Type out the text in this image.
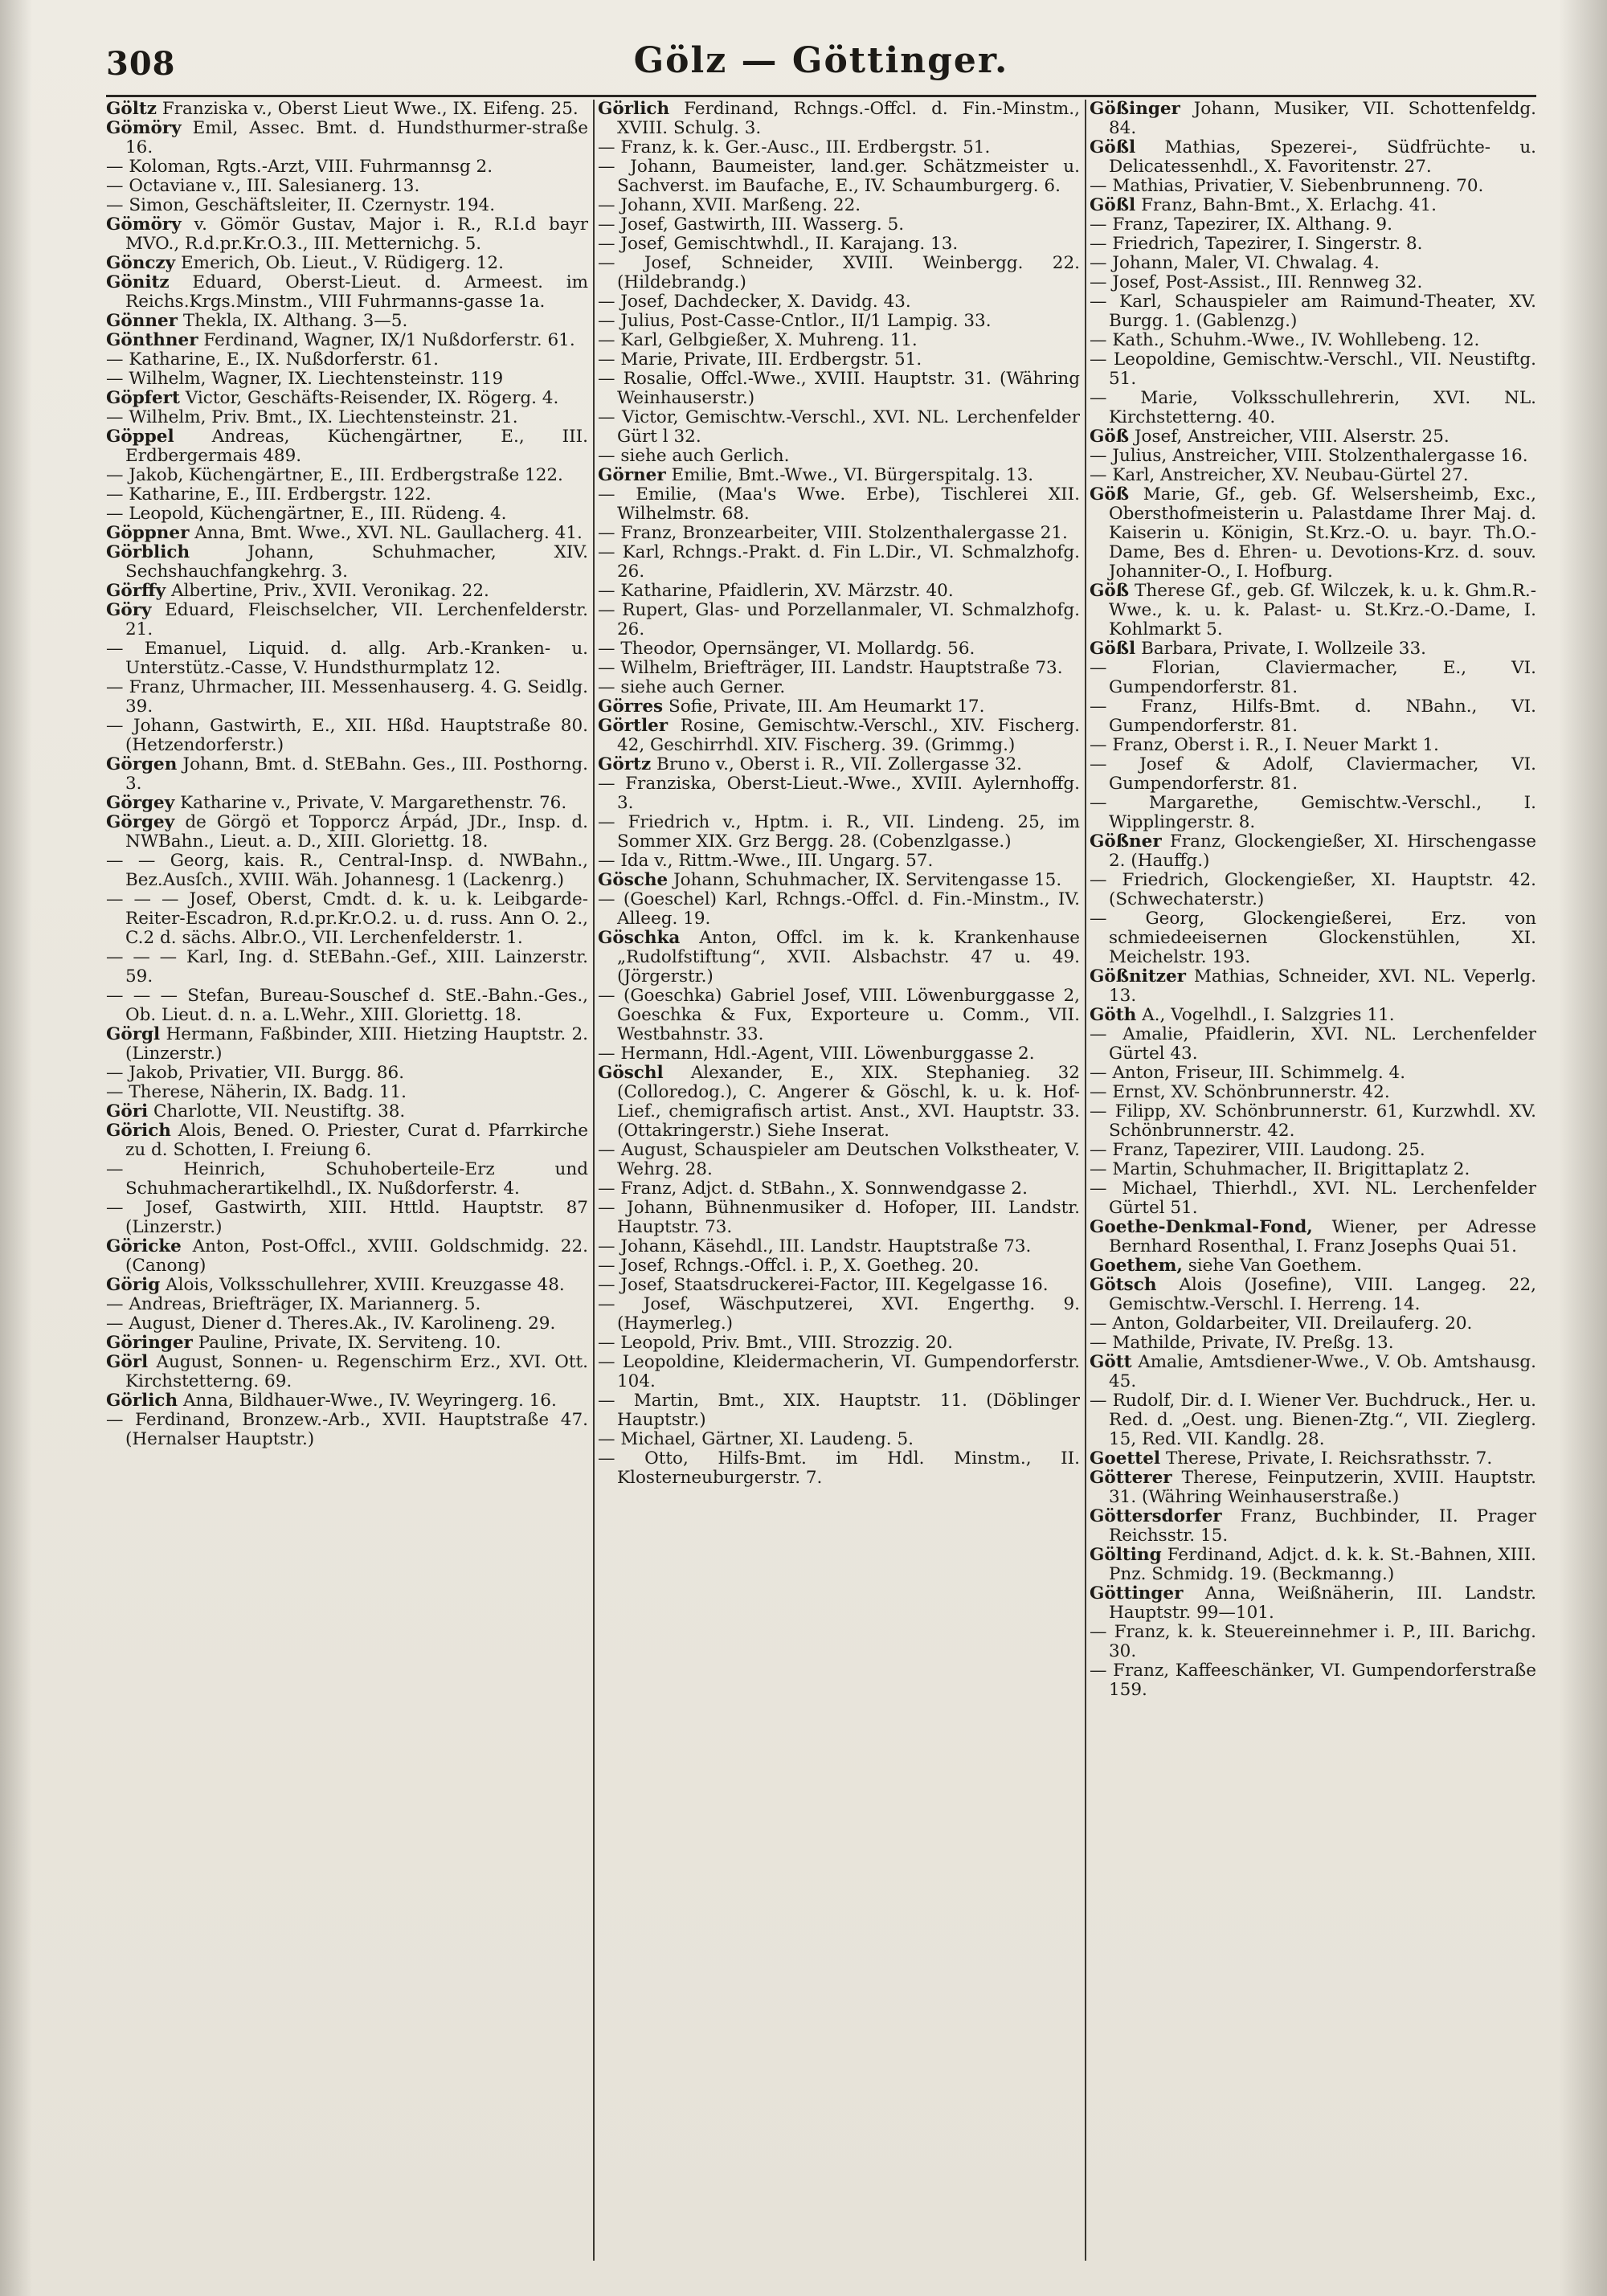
308	Gölz — Göttinger.

Göltz Franziska v., Oberst Lieut Wwe., IX. Eifeng. 25.

Gömöry Emil, Assec. Bmt. d. Hundsthurmer-straße 16.

— Koloman, Rgts.-Arzt, VIII. Fuhrmannsg 2.

— Octaviane v., III. Salesianerg. 13.

— Simon, Geschäftsleiter, II. Czernystr. 194.

Gömöry v. Gömör Gustav, Major i. R., R.I.d bayr MVO., R.d.pr.Kr.O.3., III. Metternichg. 5.

Gönczy Emerich, Ob. Lieut., V. Rüdigerg. 12.

Gönitz Eduard, Oberst-Lieut. d. Armeest. im Reichs.Krgs.Minstm., VIII Fuhrmanns-gasse 1a.

Gönner Thekla, IX. Althang. 3—5.

Gönthner Ferdinand, Wagner, IX/1 Nußdorferstr. 61.

— Katharine, E., IX. Nußdorferstr. 61.

— Wilhelm, Wagner, IX. Liechtensteinstr. 119

Göpfert Victor, Geschäfts-Reisender, IX. Rögerg. 4.

— Wilhelm, Priv. Bmt., IX. Liechtensteinstr. 21.

Göppel Andreas, Küchengärtner, E., III. Erdbergermais 489.

— Jakob, Küchengärtner, E., III. Erdbergstraße 122.

— Katharine, E., III. Erdbergstr. 122.

— Leopold, Küchengärtner, E., III. Rüdeng. 4.

Göppner Anna, Bmt. Wwe., XVI. NL. Gaullacherg. 41.

Görblich	Johann, Schuhmacher, XIV. Sechshauchfangkehrg. 3.

Görffy Albertine, Priv., XVII. Veronikag. 22.

Göry Eduard, Fleischselcher, VII. Lerchenfelderstr. 21.

— Emanuel, Liquid. d. allg. Arb.-Kranken- u. Unterstütz.-Casse, V. Hundsthurmplatz 12.

— Franz, Uhrmacher, III. Messenhauserg. 4. G. Seidlg. 39.

— Johann, Gastwirth, E., XII. Hßd. Hauptstraße 80. (Hetzendorferstr.)

Görgen Johann, Bmt. d. StEBahn. Ges., III. Posthorng. 3.

Görgey Katharine v., Private, V. Margarethenstr. 76.

Görgey de Görgö et Topporcz Árpád, JDr., Insp. d. NWBahn., Lieut. a. D., XIII. Gloriettg. 18.

— — Georg, kais. R., Central-Insp. d. NWBahn., Bez.Ausſch., XVIII. Wäh. Johannesg. 1 (Lackenrg.)

— — — Josef, Oberst, Cmdt. d. k. u. k. Leibgarde-Reiter-Escadron, R.d.pr.Kr.O.2. u. d. russ. Ann O. 2., C.2 d. sächs. Albr.O., VII. Lerchenfelderstr. 1.

— — — Karl, Ing. d. StEBahn.-Gef., XIII. Lainzerstr. 59.

— — — Stefan, Bureau-Souschef d. StE.-Bahn.-Ges., Ob. Lieut. d. n. a. L.Wehr., XIII. Gloriettg. 18.

Görgl Hermann, Faßbinder, XIII. Hietzing Hauptstr. 2. (Linzerstr.)

— Jakob, Privatier, VII. Burgg. 86.

— Therese, Näherin, IX. Badg. 11.

Göri Charlotte, VII. Neustiftg. 38.

Görich Alois, Bened. O. Priester, Curat d. Pfarrkirche zu d. Schotten, I. Freiung 6.

— Heinrich, Schuhoberteile-Erz und Schuhmacherartikelhdl., IX. Nußdorferstr. 4.

— Josef, Gastwirth, XIII. Httld. Hauptstr. 87 (Linzerstr.)

Göricke Anton, Post-Offcl., XVIII. Goldschmidg. 22. (Canong)

Görig Alois, Volksschullehrer, XVIII. Kreuzgasse 48.

— Andreas, Briefträger, IX. Mariannerg. 5.

— August, Diener d. Theres.Ak., IV. Karolineng. 29.

Göringer Pauline, Private, IX. Servitenɡ. 10.

Görl August, Sonnen- u. Regenschirm Erz., XVI. Ott. Kirchstetterng. 69.

Görlich Anna, Bildhauer-Wwe., IV. Weyringerg. 16.

— Ferdinand, Bronzew.-Arb., XVII. Hauptstraße 47. (Hernalser Hauptstr.)

Görlich Ferdinand, Rchngs.-Offcl. d. Fin.-Minstm., XVIII. Schulg. 3.

— Franz, k. k. Ger.-Ausc., III. Erdbergstr. 51.

— Johann, Baumeister, land.ger. Schätzmeister u. Sachverst. im Baufache, E., IV. Schaumburgerg. 6.

— Johann, XVII. Marßeng. 22.

— Josef, Gastwirth, III. Wasserg. 5.

— Josef, Gemischtwhdl., II. Karajang. 13.

— Josef, Schneider, XVIII. Weinbergg. 22. (Hildebrandg.)

— Josef, Dachdecker, X. Davidg. 43.

— Julius, Post-Casse-Cntlor., II/1 Lampig. 33.

— Karl, Gelbgießer, X. Muhreng. 11.

— Marie, Private, III. Erdbergstr. 51.

— Rosalie, Offcl.-Wwe., XVIII. Hauptstr. 31. (Währing Weinhauserstr.)

— Victor, Gemischtw.-Verschl., XVI. NL. Lerchenfelder Gürt l 32.

— siehe auch Gerlich.

Görner Emilie, Bmt.-Wwe., VI. Bürgerspitalg. 13.

— Emilie, (Maa's Wwe. Erbe), Tischlerei XII. Wilhelmstr. 68.

— Franz, Bronzearbeiter, VIII. Stolzenthalergasse 21.

— Karl, Rchngs.-Prakt. d. Fin L.Dir., VI. Schmalzhofg. 26.

— Katharine, Pfaidlerin, XV. Märzstr. 40.

— Rupert, Glas- und Porzellanmaler, VI. Schmalzhofg. 26.

— Theodor, Opernsänger, VI. Mollardg. 56.

— Wilhelm, Briefträger, III. Landstr. Hauptstraße 73.

— siehe auch Gerner.

Görres Sofie, Private, III. Am Heumarkt 17.

Görtler Rosine, Gemischtw.-Verschl., XIV. Fischerg. 42, Geschirrhdl. XIV. Fischerg. 39. (Grimmg.)

Görtz Bruno v., Oberst i. R., VII. Zollergasse 32.

— Franziska, Oberst-Lieut.-Wwe., XVIII. Aylernhoffg. 3.

— Friedrich v., Hptm. i. R., VII. Lindeng. 25, im Sommer XIX. Grz Bergg. 28. (Cobenzlgasse.)

— Ida v., Rittm.-Wwe., III. Ungarg. 57.

Gösche Johann, Schuhmacher, IX. Servitengasse 15.

— (Goeschel) Karl, Rchngs.-Offcl. d. Fin.-Minstm., IV. Alleeg. 19.

Göschka Anton, Offcl. im k. k. Krankenhause „Rudolfstiftung“, XVII. Alsbachstr. 47 u. 49. (Jörgerstr.)

— (Goeschka) Gabriel Josef, VIII. Löwenburggasse 2, Goeschka & Fux, Exporteure u. Comm., VII. Westbahnstr. 33.

— Hermann, Hdl.-Agent, VIII. Löwenburggasse 2.

Göschl Alexander, E., XIX. Stephanieg. 32 (Colloredog.), C. Angerer & Göschl, k. u. k. Hof-Lief., chemigrafisch artist. Anst., XVI. Hauptstr. 33. (Ottakringerstr.) Siehe Inserat.

— August, Schauspieler am Deutschen Volkstheater, V. Wehrg. 28.

— Franz, Adjct. d. StBahn., X. Sonnwendgasse 2.

— Johann, Bühnenmusiker d. Hofoper, III. Landstr. Hauptstr. 73.

— Johann, Käsehdl., III. Landstr. Hauptstraße 73.

— Josef, Rchngs.-Offcl. i. P., X. Goetheg. 20.

— Josef, Staatsdruckerei-Factor, III. Kegelgasse 16.

— Josef, Wäschputzerei, XVI. Engerthg. 9. (Haymerleg.)

— Leopold, Priv. Bmt., VIII. Strozzig. 20.

— Leopoldine, Kleidermacherin, VI. Gumpendorferstr. 104.

— Martin, Bmt., XIX. Hauptstr. 11. (Döblinger Hauptstr.)

— Michael, Gärtner, XI. Laudeng. 5.

— Otto, Hilfs-Bmt. im Hdl. Minstm., II. Klosterneuburgerstr. 7.

Gößinger Johann, Musiker, VII. Schottenfeldg. 84.

Gößl Mathias, Spezerei-, Südfrüchte- u. Delicatessenhdl., X. Favoritenstr. 27.

— Mathias, Privatier, V. Siebenbrunneng. 70.

Gößl Franz, Bahn-Bmt., X. Erlachg. 41.

— Franz, Tapezirer, IX. Althang. 9.

— Friedrich, Tapezirer, I. Singerstr. 8.

— Johann, Maler, VI. Chwalag. 4.

— Josef, Post-Assist., III. Rennweg 32.

— Karl, Schauspieler am Raimund-Theater, XV. Burgg. 1. (Gablenzg.)

— Kath., Schuhm.-Wwe., IV. Wohllebeng. 12.

— Leopoldine, Gemischtw.-Verschl., VII. Neustiftg. 51.

— Marie, Volksschullehrerin, XVI. NL. Kirchstetterng. 40.

Göß Josef, Anstreicher, VIII. Alserstr. 25.

— Julius, Anstreicher, VIII. Stolzenthalergasse 16.

— Karl, Anstreicher, XV. Neubau-Gürtel 27.

Göß Marie, Gf., geb. Gf. Welsersheimb, Exc., Obersthofmeisterin u. Palastdame Ihrer Maj. d. Kaiserin u. Königin, St.Krz.-O. u. bayr. Th.O.-Dame, Bes d. Ehren- u. Devotions-Krz. d. souv. Johanniter-O., I. Hofburg.

Göß Therese Gf., geb. Gf. Wilczek, k. u. k. Ghm.R.-Wwe., k. u. k. Palast- u. St.Krz.-O.-Dame, I. Kohlmarkt 5.

Gößl Barbara, Private, I. Wollzeile 33.

— Florian, Claviermacher, E., VI. Gumpendorferstr. 81.

— Franz, Hilfs-Bmt. d. NBahn., VI. Gumpendorferstr. 81.

— Franz, Oberst i. R., I. Neuer Markt 1.

— Josef & Adolf, Claviermacher, VI. Gumpendorferstr. 81.

— Margarethe, Gemischtw.-Verschl., I. Wipplingerstr. 8.

Gößner Franz, Glockengießer, XI. Hirschengasse 2. (Hauffg.)

— Friedrich, Glockengießer, XI. Hauptstr. 42. (Schwechaterstr.)

— Georg, Glockengießerei, Erz. von schmiedeeisernen Glockenstühlen, XI. Meichelstr. 193.

Gößnitzer Mathias, Schneider, XVI. NL. Veperlg. 13.

Göth A., Vogelhdl., I. Salzgries 11.

— Amalie, Pfaidlerin, XVI. NL. Lerchenfelder Gürtel 43.

— Anton, Friseur, III. Schimmelg. 4.

— Ernst, XV. Schönbrunnerstr. 42.

— Filipp, XV. Schönbrunnerstr. 61, Kurzwhdl. XV. Schönbrunnerstr. 42.

— Franz, Tapezirer, VIII. Laudong. 25.

— Martin, Schuhmacher, II. Brigittaplatz 2.

— Michael, Thierhdl., XVI. NL. Lerchenfelder Gürtel 51.

Goethe-Denkmal-Fond, Wiener, per Adresse Bernhard Rosenthal, I. Franz Josephs Quai 51.

Goethem, siehe Van Goethem.

Götsch Alois (Josefine), VIII. Langeg. 22, Gemischtw.-Verschl. I. Herreng. 14.

— Anton, Goldarbeiter, VII. Dreilauferg. 20.

— Mathilde, Private, IV. Preßg. 13.

Gött Amalie, Amtsdiener-Wwe., V. Ob. Amtshausg. 45.

— Rudolf, Dir. d. I. Wiener Ver. Buchdruck., Her. u. Red. d. „Oest. ung. Bienen-Ztg.“, VII. Zieglerg. 15, Red. VII. Kandlg. 28.

Goettel Therese, Private, I. Reichsrathsstr. 7.

Götterer Therese, Feinputzerin, XVIII. Hauptstr. 31. (Währing Weinhauserstraße.)

Göttersdorfer Franz, Buchbinder, II. Prager Reichsstr. 15.

Gölting Ferdinand, Adjct. d. k. k. St.-Bahnen, XIII. Pnz. Schmidg. 19. (Beckmanng.)

Göttinger Anna, Weißnäherin, III. Landstr. Hauptstr. 99—101.

— Franz, k. k. Steuereinnehmer i. P., III. Barichg. 30.

— Franz, Kaffeeschänker, VI. Gumpendorferstraße 159.
